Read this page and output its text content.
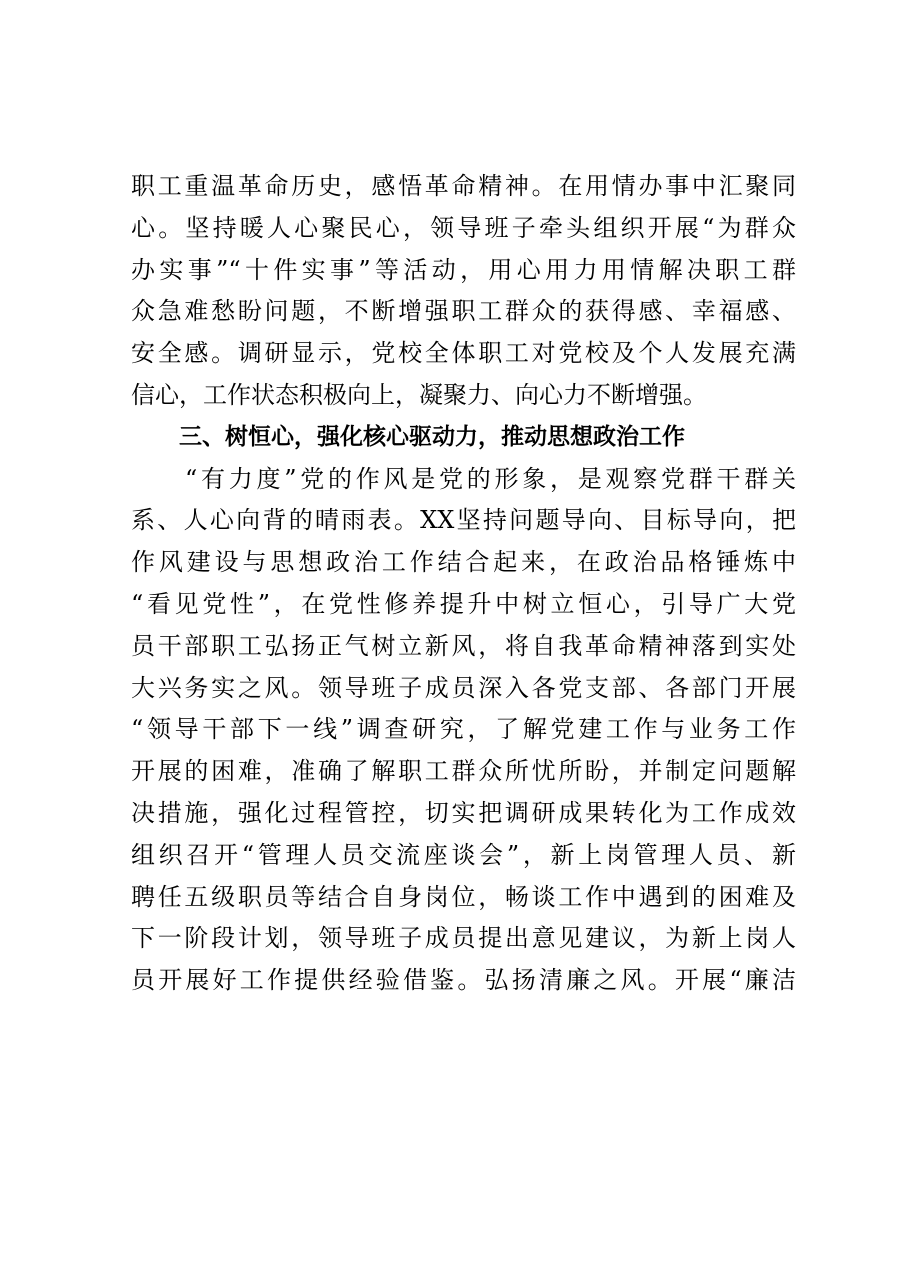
职工重温革命历史，感悟革命精神。在用情办事中汇聚同
心。坚持暖人心聚民心，领导班子牵头组织开展“为群众
办实事”“十件实事”等活动，用心用力用情解决职工群
众急难愁盼问题，不断增强职工群众的获得感、幸福感、
安全感。调研显示，党校全体职工对党校及个人发展充满
信心，工作状态积极向上，凝聚力、向心力不断增强。
三、树恒心，强化核心驱动力，推动思想政治工作
“有力度”党的作风是党的形象，是观察党群干群关
系、人心向背的晴雨表。XX坚持问题导向、目标导向，把
作风建设与思想政治工作结合起来，在政治品格锤炼中
“看见党性”，在党性修养提升中树立恒心，引导广大党
员干部职工弘扬正气树立新风，将自我革命精神落到实处
大兴务实之风。领导班子成员深入各党支部、各部门开展
“领导干部下一线”调查研究，了解党建工作与业务工作
开展的困难，准确了解职工群众所忧所盼，并制定问题解
决措施，强化过程管控，切实把调研成果转化为工作成效
组织召开“管理人员交流座谈会”，新上岗管理人员、新
聘任五级职员等结合自身岗位，畅谈工作中遇到的困难及
下一阶段计划，领导班子成员提出意见建议，为新上岗人
员开展好工作提供经验借鉴。弘扬清廉之风。开展“廉洁
